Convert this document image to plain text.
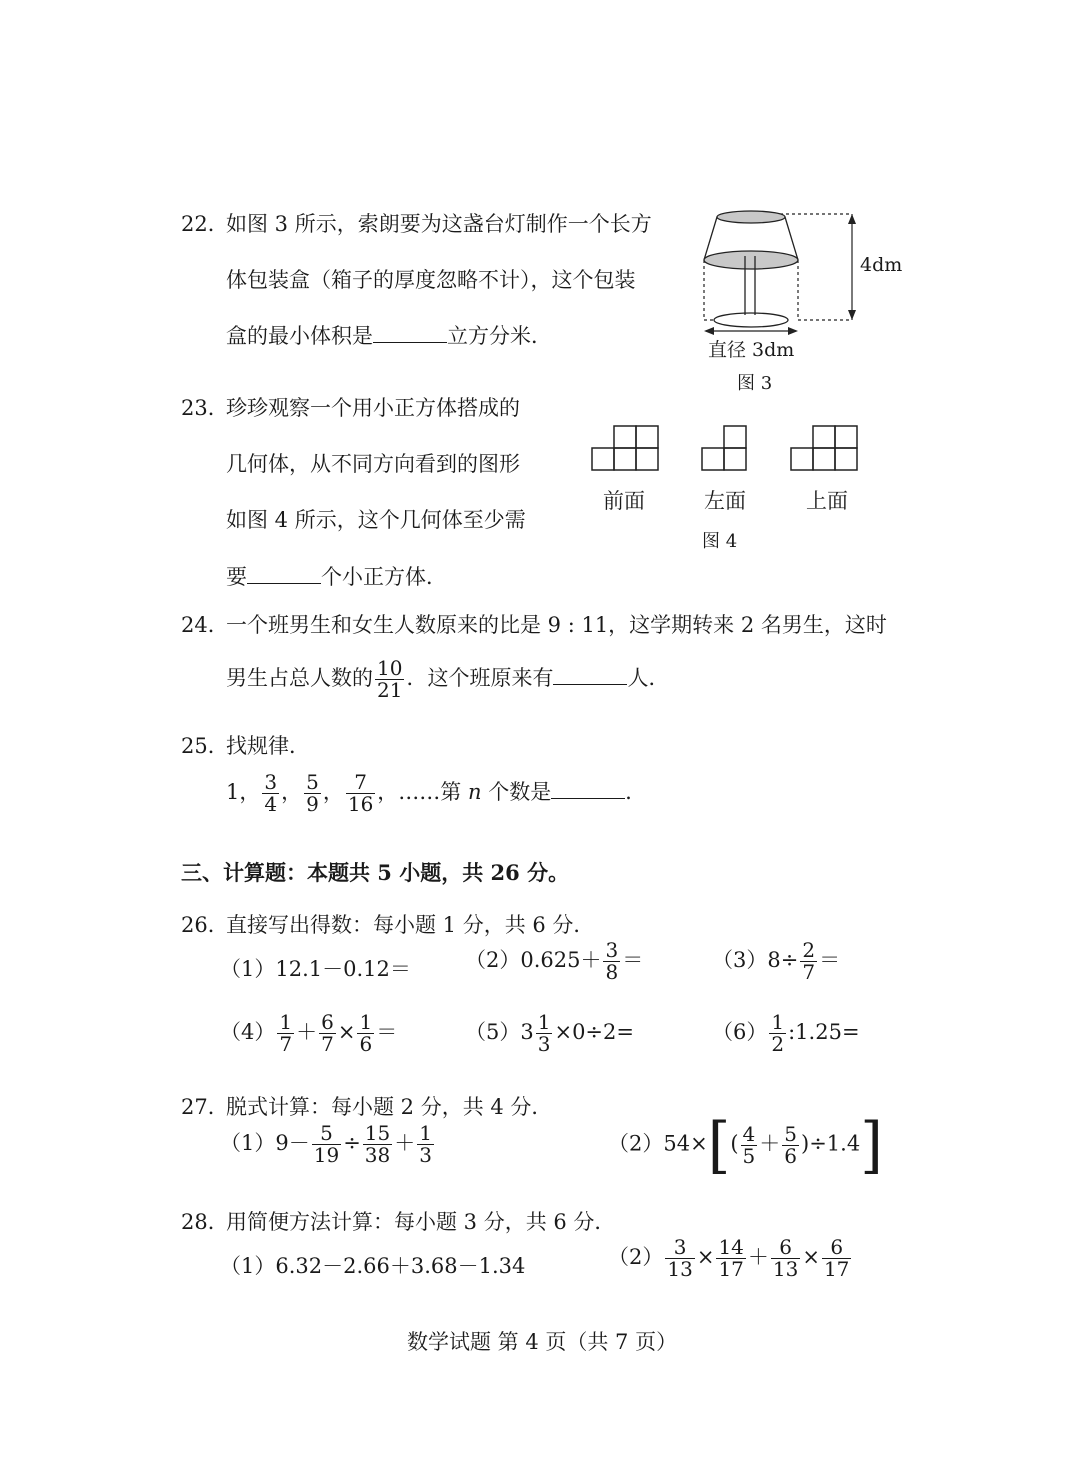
22．
如图 3 所示，索朗要为这盏台灯制作一个长方
体包装盒（箱子的厚度忽略不计），这个包装
盒的最小体积是	立方分米．
4dm
直径 3dm
图 3
23．
珍珍观察一个用小正方体搭成的
几何体，从不同方向看到的图形
如图 4 所示，这个几何体至少需
要	个小正方体．
前面	左面	上面
图 4
24．
一个班男生和女生人数原来的比是 9 : 11，这学期转来 2 名男生，这时
男生占总人数的 $\frac{10}{21}$ ．这个班原来有	人．
25．
找规律．
1， $\frac{3}{4}$ ， $\frac{5}{9}$ ， $\frac{7}{16}$ ，……第 n 个数是	．
三、计算题：本题共 5 小题，共 26 分。
26．
直接写出得数：每小题 1 分，共 6 分．
（1）12.1－0.12＝	$(2)0.625+ \frac{3}{8}$ ＝	$(3)8\div \frac{2}{7}$ ＝
$(4) \frac{1}{7} + \frac{6}{7} \times \frac{1}{6}$ ＝	$(5)3 \frac{1}{3} \times 0\div 2=$	$(6) \frac{1}{2}$ :1.25=
27．
脱式计算：每小题 2 分，共 4 分．
$(1)9- \frac{5}{19} \div \frac{15}{38} + \frac{1}{3}$	$(2)54\times[( \frac{4}{5} + \frac{5}{6} )\div 1.4]$
28．
用简便方法计算：每小题 3 分，共 6 分．
（1）6.32－2.66＋3.68－1.34	$(2) \frac{3}{13} \times \frac{14}{17} + \frac{6}{13} \times \frac{6}{17}$
数学试题 第 4 页（共 7 页）
